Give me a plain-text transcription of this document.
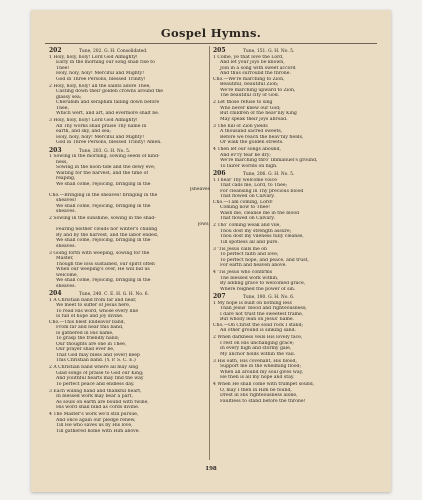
Gospel Hymns.
202	Tune, 202. G. H. Consolidated.
1 Holy, holy, holy! Lord God Almighty!
Early in the morning our song shall rise to
Thee!
Holy, holy, holy! Merciful and Mighty!
God in Three Persons, blessed Trinity!
2 Holy, holy, holy! all the saints adore Thee,
Casting down their golden crowns around the
glassy sea;
Cherubim and seraphim falling down before
Thee,
Which wert, and art, and evermore shalt be.
3 Holy, holy, holy! Lord God Almighty!
All Thy works shall praise Thy name in
earth, and sky, and sea;
Holy, holy, holy! Merciful and Mighty!
God in Three Persons, blessed Trinity! Amen.
203	Tune, 203. G. H. No. 5.
1 Sowing in the morning, sowing seeds of kind-
ness,
Sowing in the noon-tide and the dewy eve;
Waiting for the harvest, and the time of
reaping,
We shall come, rejoicing, bringing in the
[sheaves
Cho.—Bringing in the sheaves! bringing in the
sheaves!
We shall come, rejoicing, bringing in the
sheaves.
2 Sowing in the sunshine, sowing in the shad-
[ows;
Fearing neither clouds nor winter's chilling
By and by the harvest, and the labor ended,
We shall come, rejoicing, bringing in the
sheaves.
3 Going forth with weeping, sowing for the
Master,
Though the loss sustained, our spirit often
When our weeping's over, He will bid us
welcome,
We shall come, rejoicing, bringing in the
sheaves.
204	Tune, 240. C. E. H. G. H. No. 6.
1 A Christian band from far and near,
We meet to suffer of Jesus here,
To read His word, whose every line
Is full of hope and joy divine.
Cho.—This blest Endeavor band,
From far and near this band,
Is gathered in His name,
To grasp the friendly hand;
Our thoughts are one in Thee,
Our prayer shall ever be,
That God may bless and (ever) keep
This Christian band. (Y. P. S. C. E.)
2 A Christian band where all may sing
Glad songs of praise to God our King;
And youthful hearts may find the way
To perfect peace and endless day.
3 Each willing hand and thankful heart,
In blessed work may bear a part,
As souls on earth are bound with twine,
His word shall bind as cords divine.
4 The Master's work we'll still pursue,
And once again our pledge renew,
Till He who saves us by His love,
Till gathered home with Him above.
205	Tune, 151. G. H. No. 5.
1 Come, ye that love the Lord,
And let your joys be known,
Join in a song with sweet accord
And thus surround the throne.
Cho.—We're marching to Zion,
Beautiful, beautiful Zion;
We're marching upward to Zion,
The beautiful city of God.
2 Let those refuse to sing
Who never knew our God;
But children of the heav'nly King
May speak their joys abroad.
3 The hill of Zion yields
A thousand sacred sweets,
Before we reach the heav'nly fields,
Or walk the golden streets.
4 Then let our songs abound,
And ev'ry tear be dry;
We're marching thro' Immanuel's ground,
To fairer worlds on high.
206	Tune, 206. G. H. No. 5.
1 I hear Thy welcome voice
That calls me, Lord, to Thee;
For cleansing in Thy precious blood
That flowed on Calvary.
Cho.—I am coming, Lord!
Coming now to Thee!
Wash me, cleanse me in the blood
That flowed on Calvary.
2 Tho' coming weak and vile,
Thou dost my strength assure;
Thou dost my vileness fully cleanse,
Till spotless all and pure.
3 'Tis Jesus calls me on
To perfect faith and love;
To perfect hope, and peace, and trust,
For earth and heaven above.
4 'Tis Jesus who confirms
The blessed work within,
By adding grace to welcomed grace,
Where reigned the power of sin.
207	Tune, 180. G. H. No. 6.
1 My hope is built on nothing less
Than Jesus' blood and righteousness;
I dare not trust the sweetest frame,
But wholly lean on Jesus' name.
Cho.—On Christ the solid rock I stand;
All other ground is sinking sand.
2 When darkness veils His lovely face,
I rest on His unchanging grace;
In every high and stormy gale,
My anchor holds within the vail.
3 His oath, His covenant, His blood,
Support me in the whelming flood;
When all around my soul gives way,
He then is all my hope and stay.
4 When He shall come with trumpet sound,
O, may I then in Him be found,
Drest in His righteousness alone,
Faultless to stand before the throne!
198
